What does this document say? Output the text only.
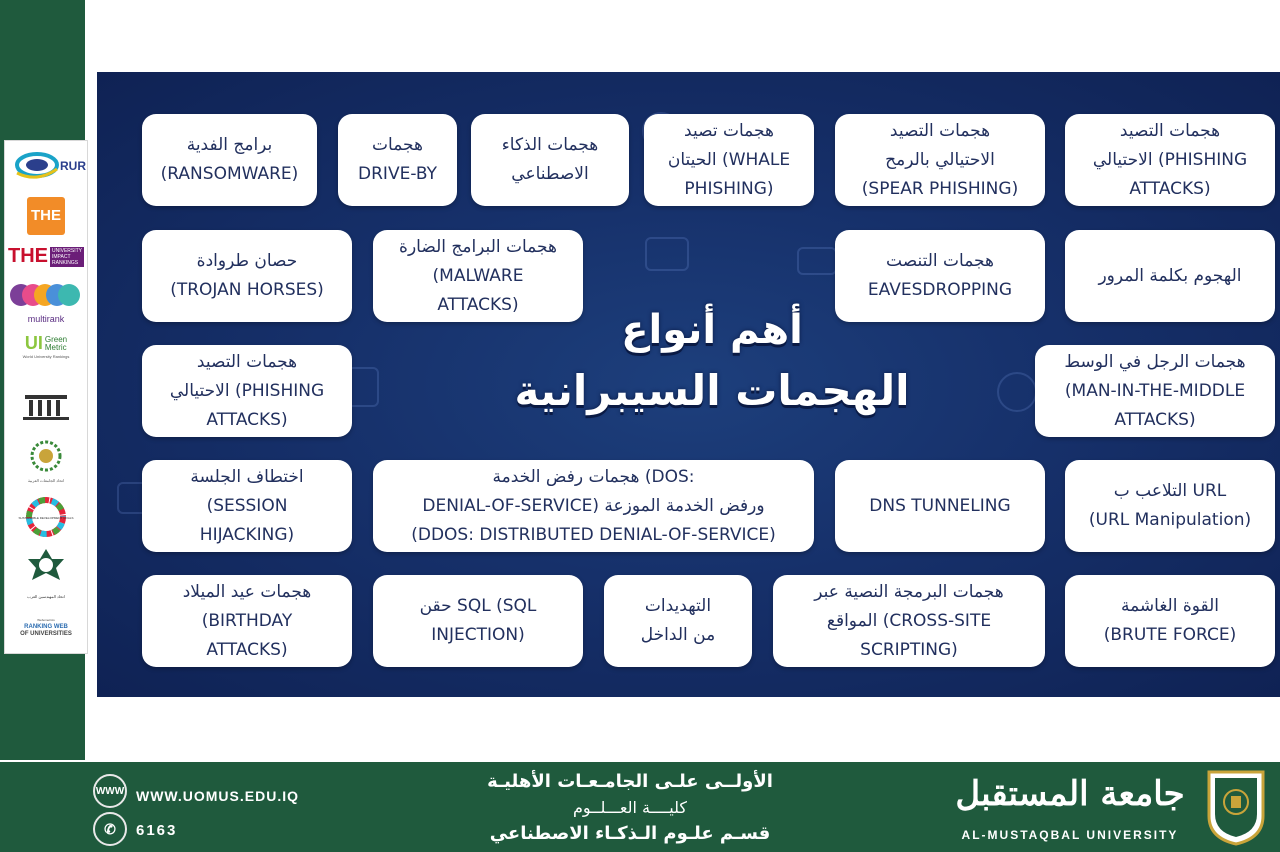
RUR
THE
THE UNIVERSITY
IMPACT
RANKINGS
multirank
UI Green
Metric
World University Rankings
اتحاد الجامعات العربية
SUSTAINABLE DEVELOPMENT GOALS
اتحاد المهندسين العرب
Webometrics
RANKING WEB
OF UNIVERSITIES
أهم أنواع
الهجمات السيبرانية
هجمات التصيد
الاحتيالي (PHISHING
ATTACKS)
هجمات التصيد
الاحتيالي بالرمح
(SPEAR PHISHING)
هجمات تصيد
الحيتان (WHALE
PHISHING)
هجمات الذكاء
الاصطناعي
هجمات
DRIVE-BY
برامج الفدية
(RANSOMWARE)
الهجوم بكلمة المرور
هجمات التنصت
EAVESDROPPING
هجمات البرامج الضارة
(MALWARE
ATTACKS)
حصان طروادة
(TROJAN HORSES)
هجمات الرجل في الوسط
(MAN-IN-THE-MIDDLE
ATTACKS)
هجمات التصيد
الاحتيالي (PHISHING
ATTACKS)
التلاعب ب URL
(URL Manipulation)
DNS TUNNELING
هجمات رفض الخدمة (DOS:
DENIAL-OF-SERVICE) ورفض الخدمة الموزعة
(DDOS: DISTRIBUTED DENIAL-OF-SERVICE)
اختطاف الجلسة
(SESSION
HIJACKING)
القوة الغاشمة
(BRUTE FORCE)
هجمات البرمجة النصية عبر
المواقع (CROSS-SITE
SCRIPTING)
التهديدات
من الداخل
حقن SQL (SQL
INJECTION)
هجمات عيد الميلاد
(BIRTHDAY
ATTACKS)
WWW WWW.UOMUS.EDU.IQ
✆	6163
الأولــى علـى الجامـعـات الأهليـة
كليــــة العـــلــوم
قسـم علـوم الـذكـاء الاصطناعي
جامعة المستقبل
AL-MUSTAQBAL UNIVERSITY
